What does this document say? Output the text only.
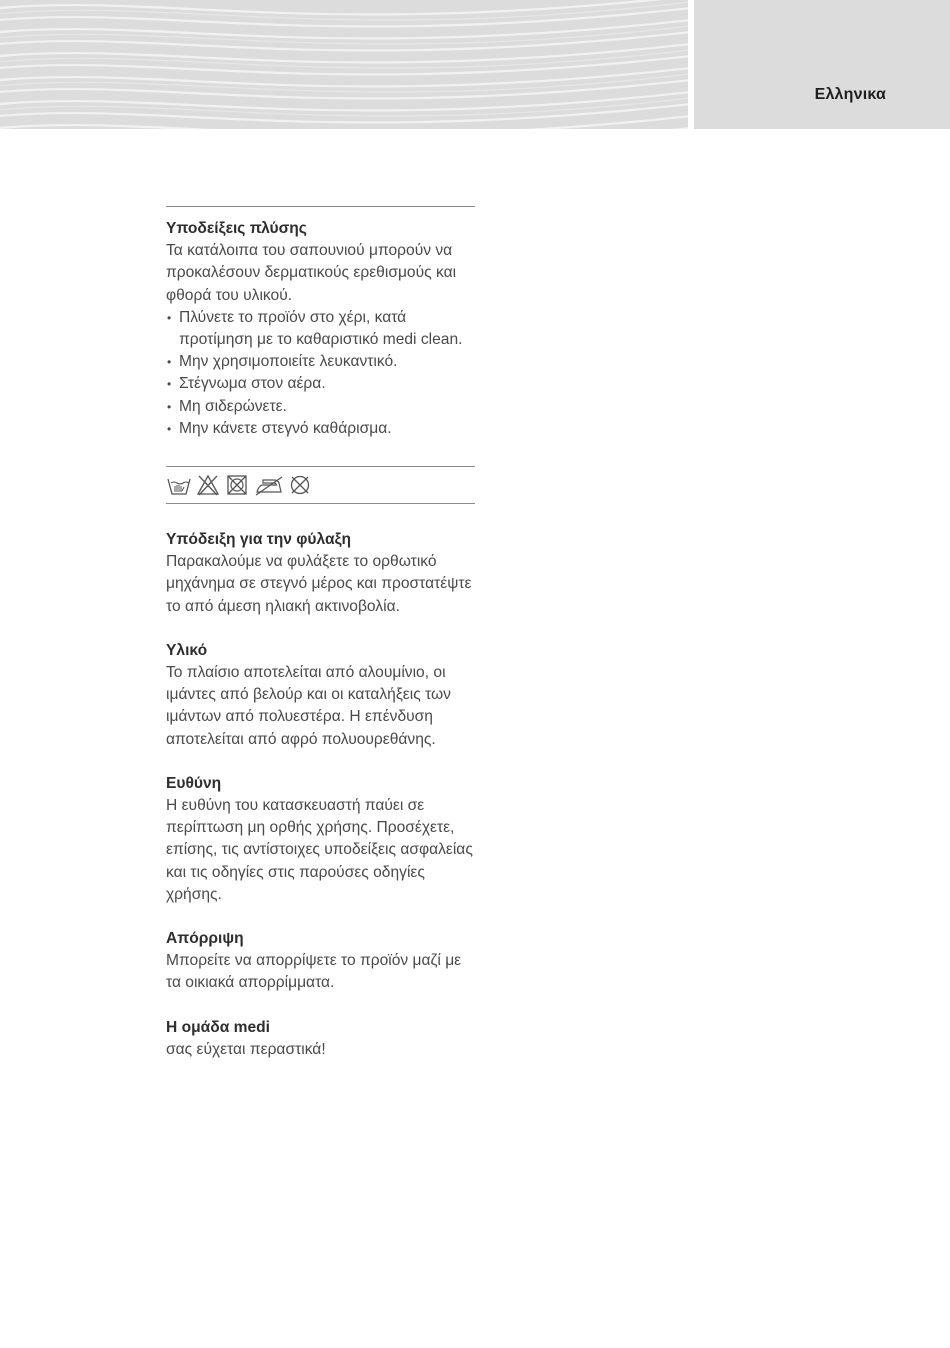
Ελληνικα
Υποδείξεις πλύσης

Τα κατάλοιπα του σαπουνιού μπορούν να προκαλέσουν δερματικούς ερεθισμούς και φθορά του υλικού.

• Πλύνετε το προϊόν στο χέρι, κατά προτίμηση με το καθαριστικό medi clean.
• Μην χρησιμοποιείτε λευκαντικό.
• Στέγνωμα στον αέρα.
• Μη σιδερώνετε.
• Μην κάνετε στεγνό καθάρισμα.
Υπόδειξη για την φύλαξη

Παρακαλούμε να φυλάξετε το ορθωτικό μηχάνημα σε στεγνό μέρος και προστατέψτε το από άμεση ηλιακή ακτινοβολία.

Υλικό

Το πλαίσιο αποτελείται από αλουμίνιο, οι ιμάντες από βελούρ και οι καταλήξεις των ιμάντων από πολυεστέρα. Η επένδυση αποτελείται από αφρό πολυουρεθάνης.

Ευθύνη

Η ευθύνη του κατασκευαστή παύει σε περίπτωση μη ορθής χρήσης. Προσέχετε, επίσης, τις αντίστοιχες υποδείξεις ασφαλείας και τις οδηγίες στις παρούσες οδηγίες χρήσης.

Απόρριψη

Μπορείτε να απορρίψετε το προϊόν μαζί με τα οικιακά απορρίμματα.

Η ομάδα medi

σας εύχεται περαστικά!
